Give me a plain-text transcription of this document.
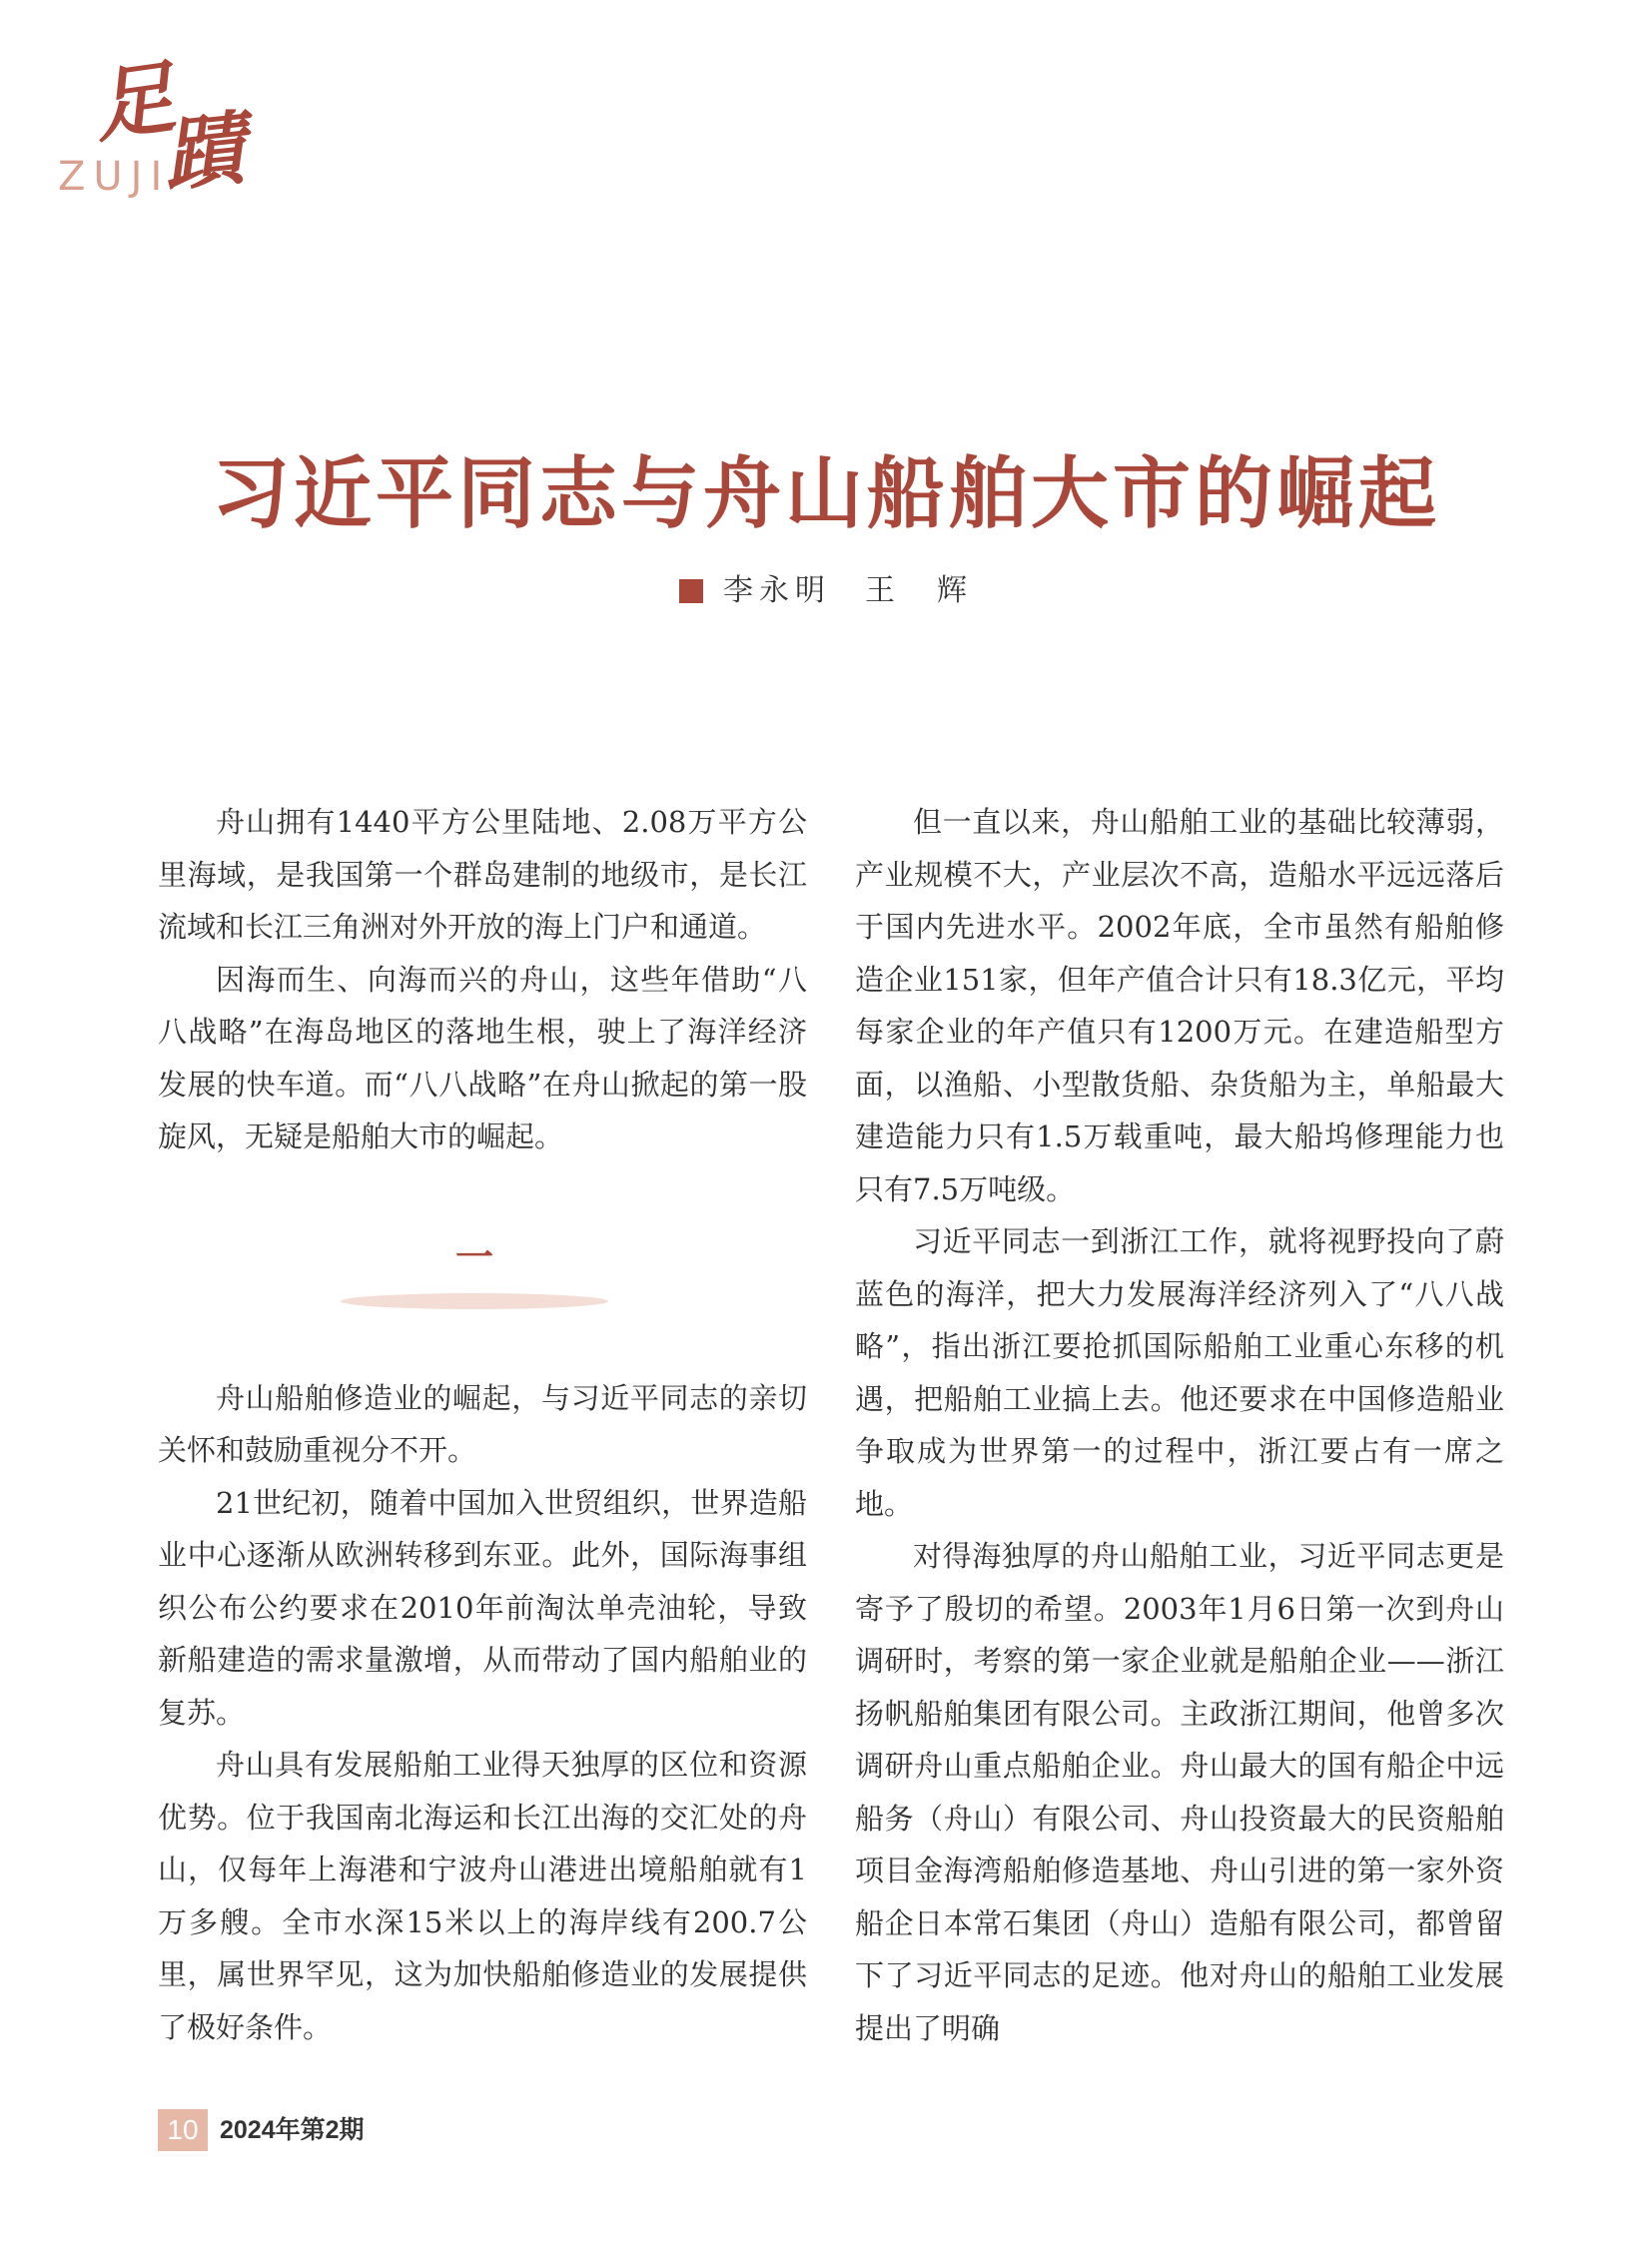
足
蹟
ZUJI
习近平同志与舟山船舶大市的崛起
李永明 王　辉

舟山拥有1440平方公里陆地、2.08万平方公里海域，是我国第一个群岛建制的地级市，是长江流域和长江三角洲对外开放的海上门户和通道。

因海而生、向海而兴的舟山，这些年借助“八八战略”在海岛地区的落地生根，驶上了海洋经济发展的快车道。而“八八战略”在舟山掀起的第一股旋风，无疑是船舶大市的崛起。

一

舟山船舶修造业的崛起，与习近平同志的亲切关怀和鼓励重视分不开。

21世纪初，随着中国加入世贸组织，世界造船业中心逐渐从欧洲转移到东亚。此外，国际海事组织公布公约要求在2010年前淘汰单壳油轮，导致新船建造的需求量激增，从而带动了国内船舶业的复苏。

舟山具有发展船舶工业得天独厚的区位和资源优势。位于我国南北海运和长江出海的交汇处的舟山，仅每年上海港和宁波舟山港进出境船舶就有1万多艘。全市水深15米以上的海岸线有200.7公里，属世界罕见，这为加快船舶修造业的发展提供了极好条件。

但一直以来，舟山船舶工业的基础比较薄弱，产业规模不大，产业层次不高，造船水平远远落后于国内先进水平。2002年底，全市虽然有船舶修造企业151家，但年产值合计只有18.3亿元，平均每家企业的年产值只有1200万元。在建造船型方面，以渔船、小型散货船、杂货船为主，单船最大建造能力只有1.5万载重吨，最大船坞修理能力也只有7.5万吨级。

习近平同志一到浙江工作，就将视野投向了蔚蓝色的海洋，把大力发展海洋经济列入了“八八战略”，指出浙江要抢抓国际船舶工业重心东移的机遇，把船舶工业搞上去。他还要求在中国修造船业争取成为世界第一的过程中，浙江要占有一席之地。

对得海独厚的舟山船舶工业，习近平同志更是寄予了殷切的希望。2003年1月6日第一次到舟山调研时，考察的第一家企业就是船舶企业——浙江扬帆船舶集团有限公司。主政浙江期间，他曾多次调研舟山重点船舶企业。舟山最大的国有船企中远船务（舟山）有限公司、舟山投资最大的民资船舶项目金海湾船舶修造基地、舟山引进的第一家外资船企日本常石集团（舟山）造船有限公司，都曾留下了习近平同志的足迹。他对舟山的船舶工业发展提出了明确

10 2024年第2期
